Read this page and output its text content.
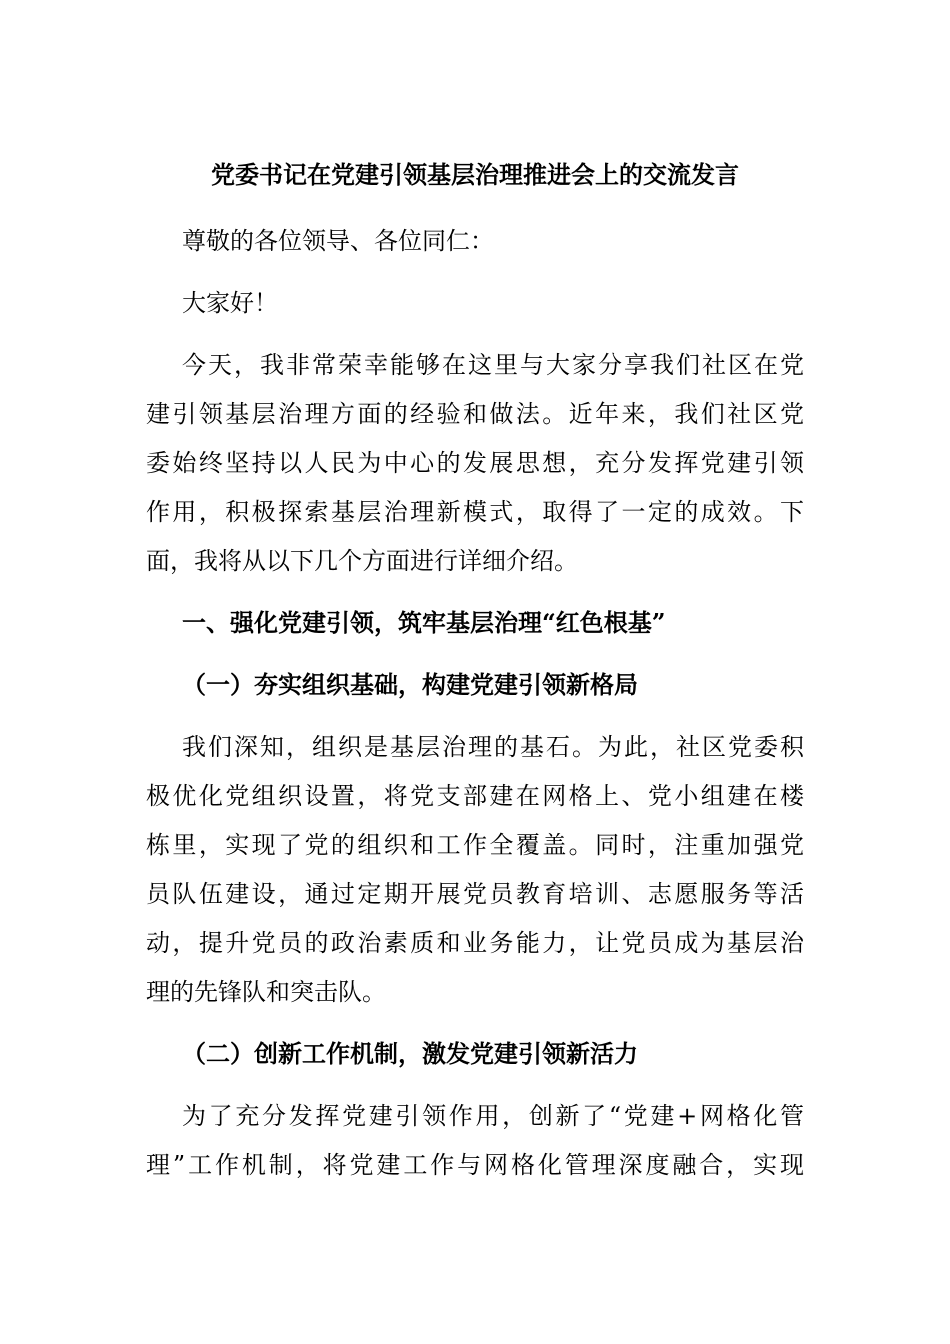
党委书记在党建引领基层治理推进会上的交流发言
尊敬的各位领导、各位同仁：
大家好！
今天，我非常荣幸能够在这里与大家分享我们社区在党
建引领基层治理方面的经验和做法。近年来，我们社区党
委始终坚持以人民为中心的发展思想，充分发挥党建引领
作用，积极探索基层治理新模式，取得了一定的成效。下
面，我将从以下几个方面进行详细介绍。
一、强化党建引领，筑牢基层治理“红色根基”
（一）夯实组织基础，构建党建引领新格局
我们深知，组织是基层治理的基石。为此，社区党委积
极优化党组织设置，将党支部建在网格上、党小组建在楼
栋里，实现了党的组织和工作全覆盖。同时，注重加强党
员队伍建设，通过定期开展党员教育培训、志愿服务等活
动，提升党员的政治素质和业务能力，让党员成为基层治
理的先锋队和突击队。
（二）创新工作机制，激发党建引领新活力
为了充分发挥党建引领作用，创新了“党建+网格化管
理”工作机制，将党建工作与网格化管理深度融合，实现
